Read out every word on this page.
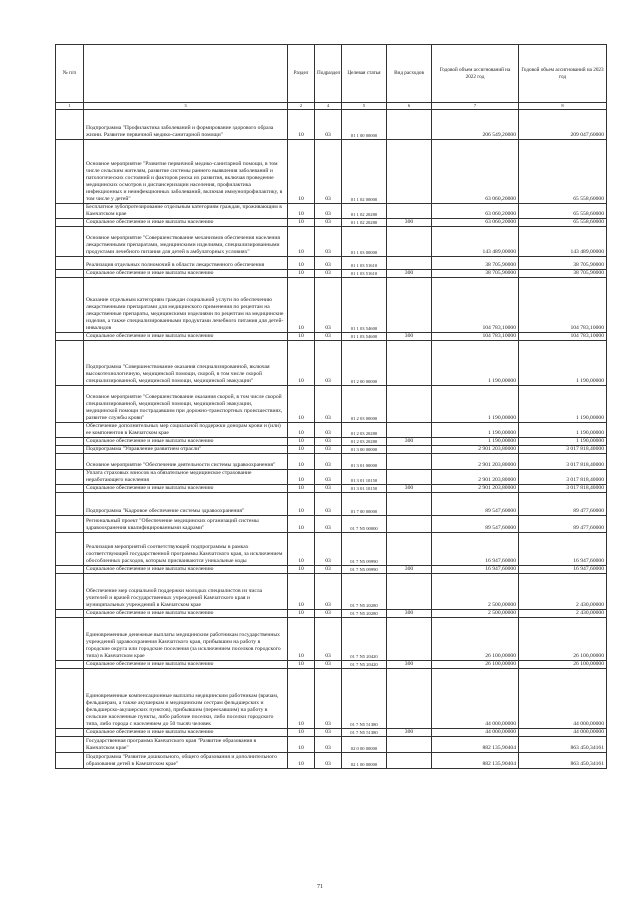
№ п/п		Раздел	Подраздел	Целевая статья	Вид расходов	Годовой объем ассигнований на 2022 год	Годовой объем ассигнований на 2023 год
1	3	2	4	5	6	7	8
	Подпрограмма "Профилактика заболеваний и формирование здорового образа жизни. Развитие первичной медико-санитарной помощи"	10	03	01 1 00 00000		206 549,20000	209 047,60000
	Основное мероприятие "Развитие первичной медико-санитарной помощи, в том числе сельским жителям, развитие системы раннего выявления заболеваний и патологических состояний и факторов риска их развития, включая проведение медицинских осмотров и диспансеризации населения, профилактика инфекционных и неинфекционных заболеваний, включая иммунопрофилактику, в том числе у детей"	10	03	01 1 02 00000		63 060,20000	65 558,60000
	Бесплатное зубопротезирование отдельным категориям граждан, проживающим в Камчатском крае	10	03	01 1 02 20280		63 060,20000	65 558,60000
	Социальное обеспечение и иные выплаты населению	10	03	01 1 02 20280	300	63 060,20000	65 558,60000
	Основное мероприятие "Совершенствование механизмов обеспечения населения лекарственными препаратами, медицинскими изделиями, специализированными продуктами лечебного питания для детей в амбулаторных условиях"	10	03	01 1 03 00000		143 489,00000	143 489,00000
	Реализация отдельных полномочий в области лекарственного обеспечения	10	03	01 1 03 51610		38 705,90000	38 705,90000
	Социальное обеспечение и иные выплаты населению	10	03	01 1 03 51610	300	38 705,90000	38 705,90000
	Оказание отдельным категориям граждан социальной услуги по обеспечению лекарственными препаратами для медицинского применения по рецептам на лекарственные препараты, медицинскими изделиями по рецептам на медицинские изделия, а также специализированными продуктами лечебного питания для детей-инвалидов	10	03	01 1 03 54600		104 783,10000	104 783,10000
	Социальное обеспечение и иные выплаты населению	10	03	01 1 03 54600	300	104 783,10000	104 783,10000
	Подпрограмма "Совершенствование оказания специализированной, включая высокотехнологичную, медицинской помощи, скорой, в том числе скорой специализированной, медицинской помощи, медицинской эвакуации"	10	03	01 2 00 00000		1 190,00000	1 190,00000
	Основное мероприятие "Совершенствование оказания скорой, в том числе скорой специализированной, медицинской помощи, медицинской эвакуации, медицинской помощи пострадавшим при дорожно-транспортных происшествиях, развитие службы крови"	10	03	01 2 03 00000		1 190,00000	1 190,00000
	Обеспечение дополнительных мер социальной поддержки донорам крови и (или) ее компонентов в Камчатском крае	10	03	01 2 03 20280		1 190,00000	1 190,00000
	Социальное обеспечение и иные выплаты населению	10	03	01 2 03 20280	300	1 190,00000	1 190,00000
	Подпрограмма "Управление развитием отрасли"	10	03	01 3 00 00000		2 901 203,80000	3 017 818,40000
	Основное мероприятие "Обеспечение деятельности системы здравоохранения"	10	03	01 3 01 00000		2 901 203,80000	3 017 818,40000
	Уплата страховых взносов на обязательное медицинское страхование неработающего населения	10	03	01 3 01 10150		2 901 203,80000	3 017 818,40000
	Социальное обеспечение и иные выплаты населению	10	03	01 3 01 10150	300	2 901 203,80000	3 017 818,40000
	Подпрограмма "Кадровое обеспечение системы здравоохранения"	10	03	01 7 00 00000		89 547,60000	89 477,60000
	Региональный проект "Обеспечение медицинских организаций системы здравоохранения квалифицированными кадрами"	10	03	01 7 N5 00000		89 547,60000	89 477,60000
	Реализация мероприятий соответствующей подпрограммы в рамках соответствующей государственной программы Камчатского края, за исключением обособленных расходов, которым присваиваются уникальные коды	10	03	01 7 N5 09990		16 947,60000	16 947,60000
	Социальное обеспечение и иные выплаты населению	10	03	01 7 N5 09990	300	16 947,60000	16 947,60000
	Обеспечение мер социальной поддержки молодых специалистов из числа учителей и врачей государственных учреждений Камчатского края и муниципальных учреждений в Камчатском крае	10	03	01 7 N5 20280		2 500,00000	2 430,00000
	Социальное обеспечение и иные выплаты населению	10	03	01 7 N5 20280	300	2 500,00000	2 430,00000
	Единовременные денежные выплаты медицинским работникам государственных учреждений здравоохранения Камчатского края, прибывшим на работу в городские округа или городские поселения (за исключением поселков городского типа) в Камчатском крае	10	03	01 7 N5 20420		26 100,00000	26 100,00000
	Социальное обеспечение и иные выплаты населению	10	03	01 7 N5 20420	300	26 100,00000	26 100,00000
	Единовременные компенсационные выплаты медицинским работникам (врачам, фельдшерам, а также акушеркам и медицинским сестрам фельдшерских и фельдшерско-акушерских пунктов), прибывшим (переехавшим) на работу в сельские населенные пункты, либо рабочие поселки, либо поселки городского типа, либо города с населением до 50 тысяч человек	10	03	01 7 N5 51380		44 000,00000	44 000,00000
	Социальное обеспечение и иные выплаты населению	10	03	01 7 N5 51380	300	44 000,00000	44 000,00000
	Государственная программа Камчатского края "Развитие образования в Камчатском крае"	10	03	02 0 00 00000		882 135,90404	863 450,34161
	Подпрограмма "Развитие дошкольного, общего образования и дополнительного образования детей в Камчатском крае"	10	03	02 1 00 00000		882 135,90404	863 450,34161
71
